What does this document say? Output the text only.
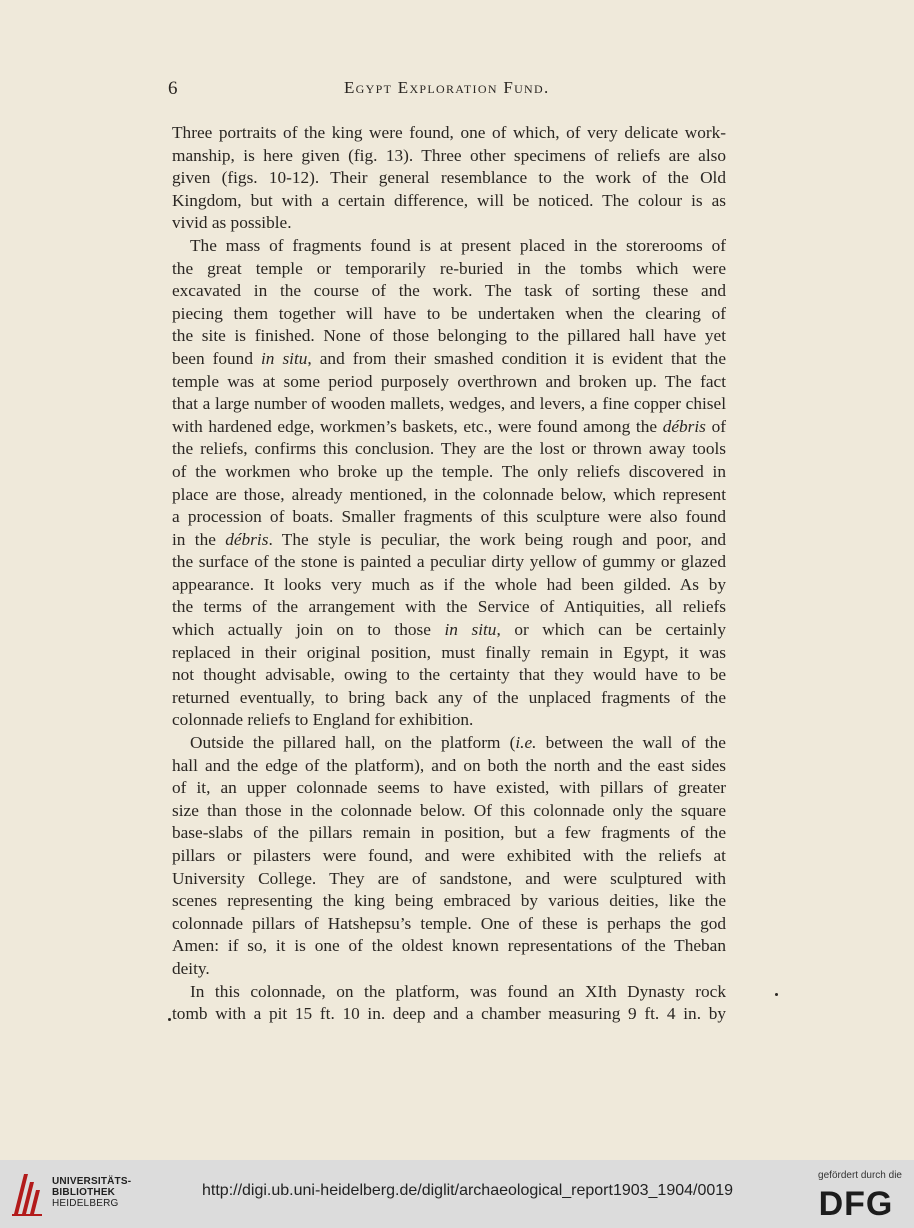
6	Egypt Exploration Fund.

Three portraits of the king were found, one of which, of very delicate work-

manship, is here given (fig. 13). Three other specimens of reliefs are also

given (figs. 10-12). Their general resemblance to the work of the Old

Kingdom, but with a certain difference, will be noticed. The colour is as

vivid as possible.

The mass of fragments found is at present placed in the storerooms of

the great temple or temporarily re-buried in the tombs which were

excavated in the course of the work. The task of sorting these and

piecing them together will have to be undertaken when the clearing of

the site is finished. None of those belonging to the pillared hall have yet

been found in situ, and from their smashed condition it is evident that the

temple was at some period purposely overthrown and broken up. The fact

that a large number of wooden mallets, wedges, and levers, a fine copper chisel

with hardened edge, workmen’s baskets, etc., were found among the débris of

the reliefs, confirms this conclusion. They are the lost or thrown away tools

of the workmen who broke up the temple. The only reliefs discovered in

place are those, already mentioned, in the colonnade below, which represent

a procession of boats. Smaller fragments of this sculpture were also found

in the débris. The style is peculiar, the work being rough and poor, and

the surface of the stone is painted a peculiar dirty yellow of gummy or glazed

appearance. It looks very much as if the whole had been gilded. As by

the terms of the arrangement with the Service of Antiquities, all reliefs

which actually join on to those in situ, or which can be certainly

replaced in their original position, must finally remain in Egypt, it was

not thought advisable, owing to the certainty that they would have to be

returned eventually, to bring back any of the unplaced fragments of the

colonnade reliefs to England for exhibition.

Outside the pillared hall, on the platform (i.e. between the wall of the

hall and the edge of the platform), and on both the north and the east sides

of it, an upper colonnade seems to have existed, with pillars of greater

size than those in the colonnade below. Of this colonnade only the square

base-slabs of the pillars remain in position, but a few fragments of the

pillars or pilasters were found, and were exhibited with the reliefs at

University College. They are of sandstone, and were sculptured with

scenes representing the king being embraced by various deities, like the

colonnade pillars of Hatshepsu’s temple. One of these is perhaps the god

Amen: if so, it is one of the oldest known representations of the Theban

deity.

In this colonnade, on the platform, was found an XIth Dynasty rock

tomb with a pit 15 ft. 10 in. deep and a chamber measuring 9 ft. 4 in. by

UNIVERSITÄTS-
BIBLIOTHEK
HEIDELBERG
http://digi.ub.uni-heidelberg.de/diglit/archaeological_report1903_1904/0019
gefördert durch die
DFG
